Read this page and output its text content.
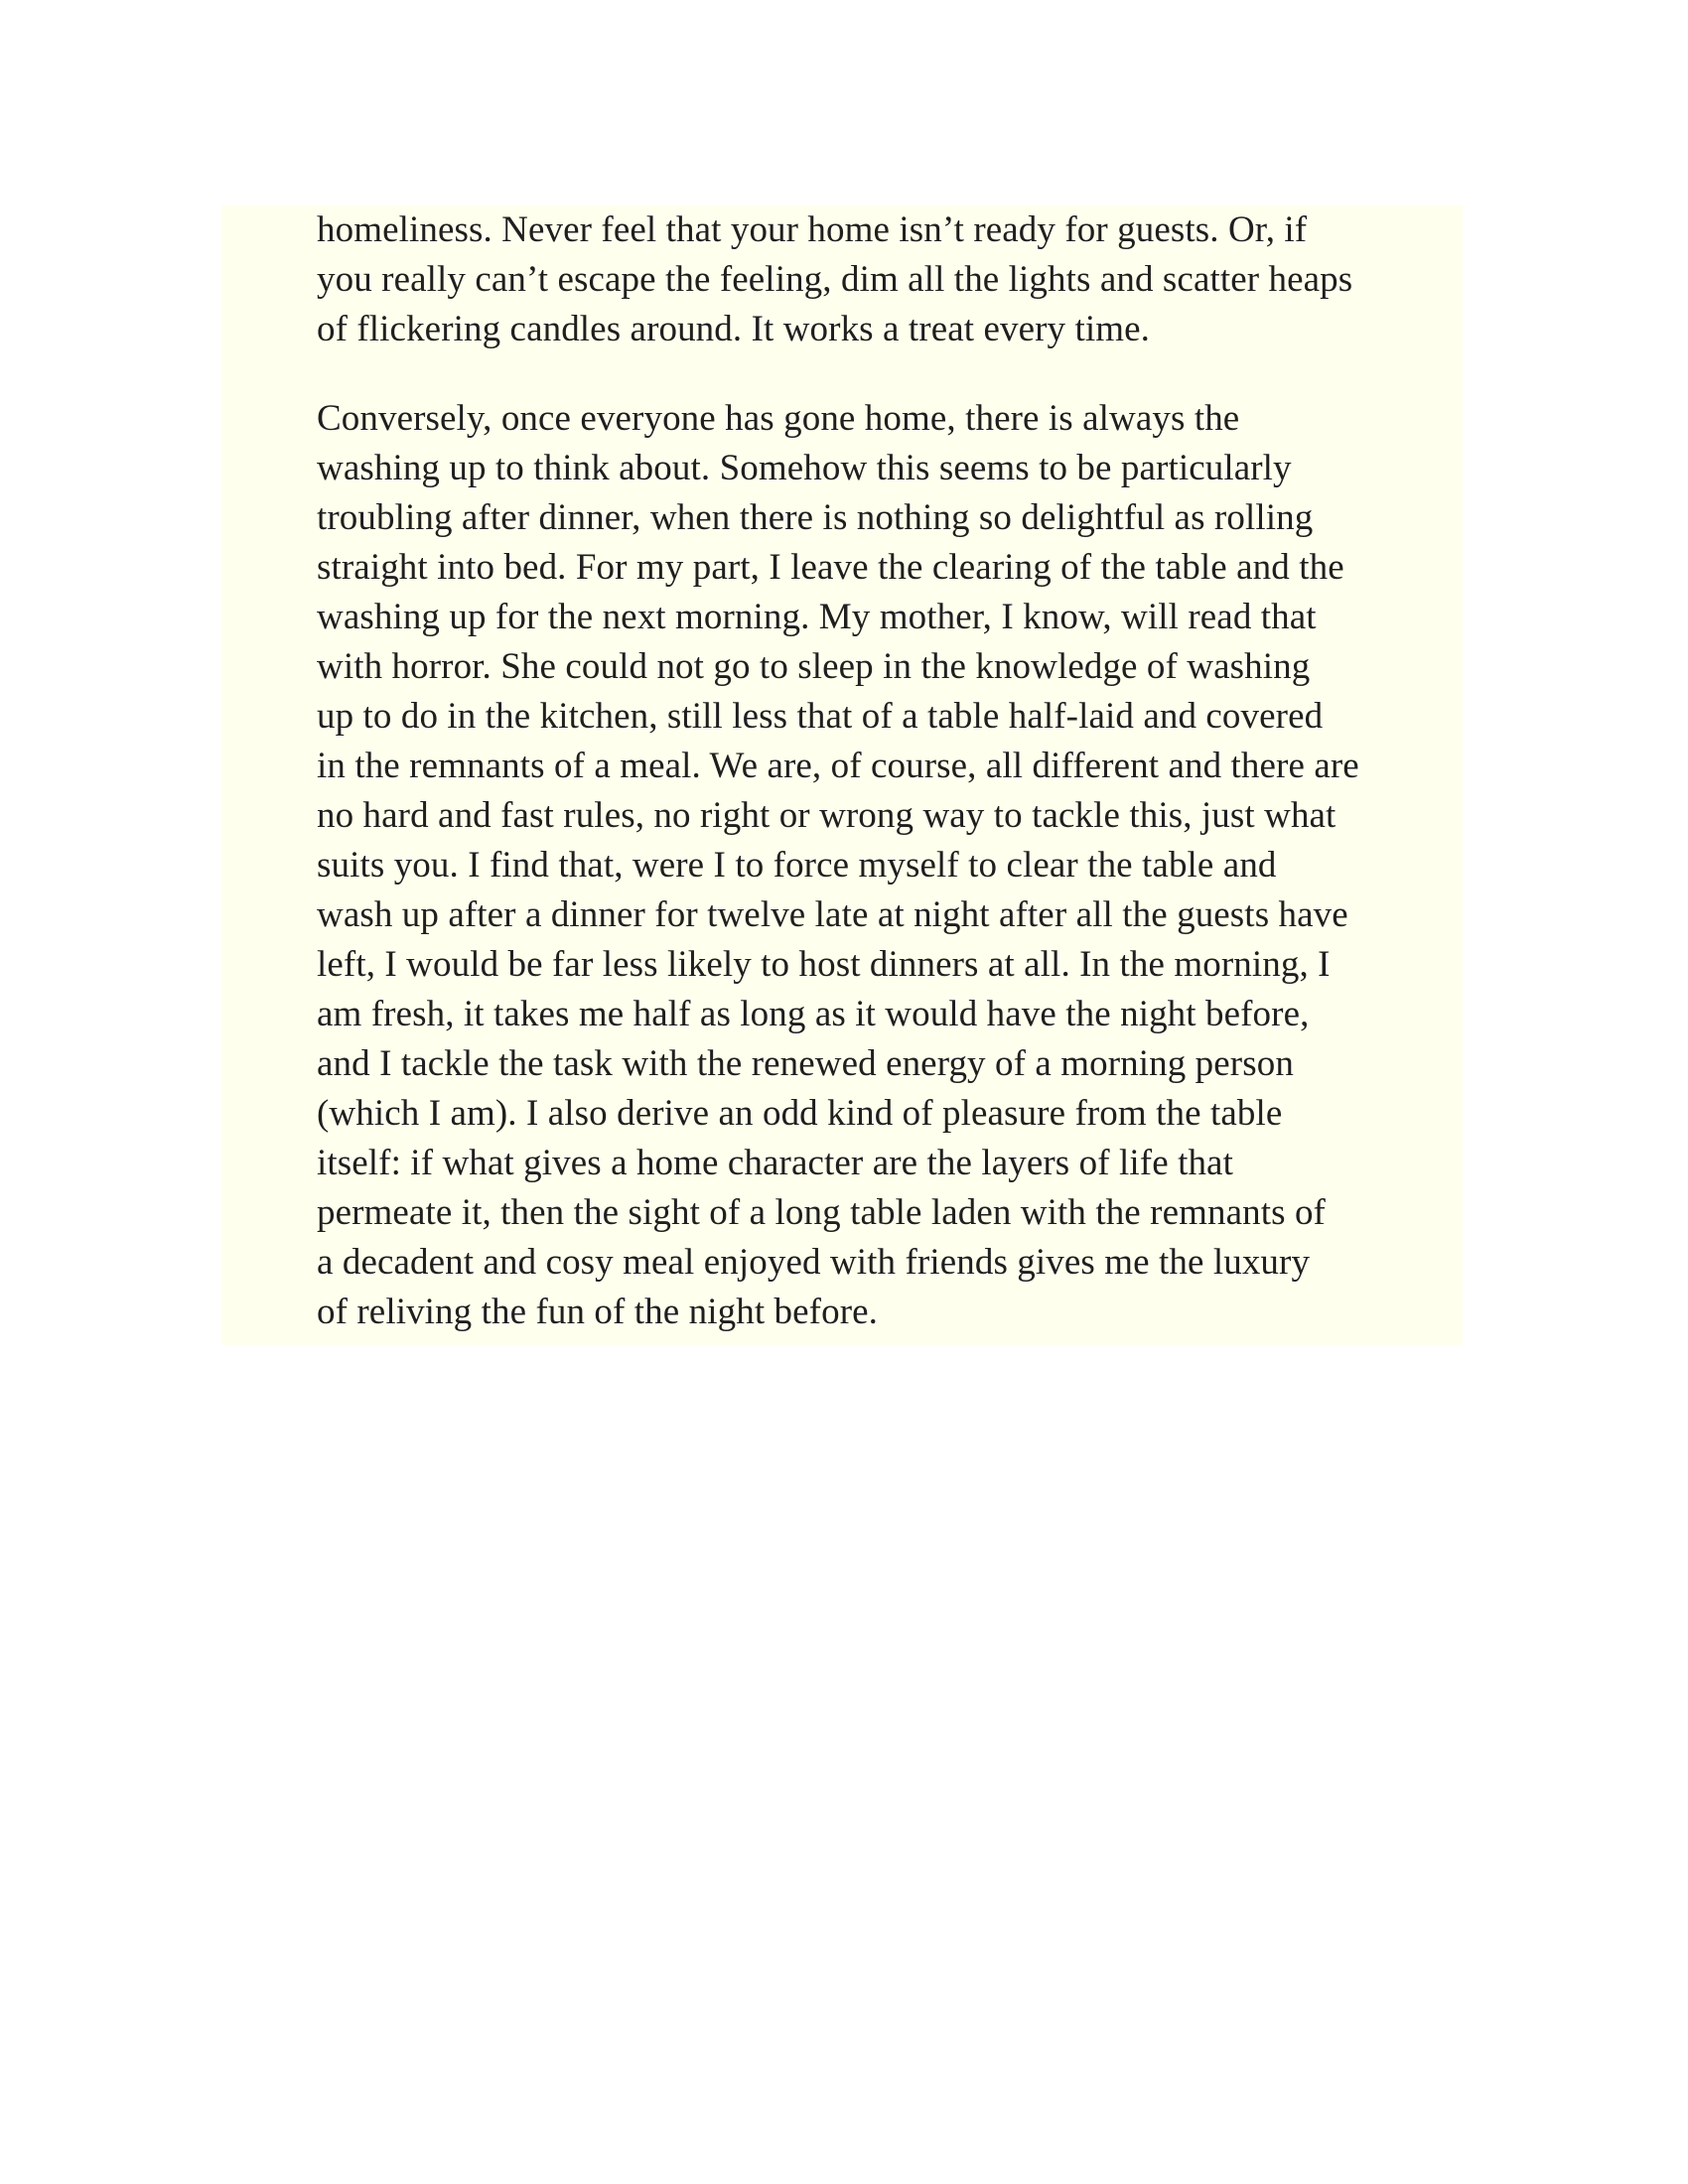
homeliness. Never feel that your home isn’t ready for guests. Or, if
you really can’t escape the feeling, dim all the lights and scatter heaps
of flickering candles around. It works a treat every time.

Conversely, once everyone has gone home, there is always the
washing up to think about. Somehow this seems to be particularly
troubling after dinner, when there is nothing so delightful as rolling
straight into bed. For my part, I leave the clearing of the table and the
washing up for the next morning. My mother, I know, will read that
with horror. She could not go to sleep in the knowledge of washing
up to do in the kitchen, still less that of a table half-laid and covered
in the remnants of a meal. We are, of course, all different and there are
no hard and fast rules, no right or wrong way to tackle this, just what
suits you. I find that, were I to force myself to clear the table and
wash up after a dinner for twelve late at night after all the guests have
left, I would be far less likely to host dinners at all. In the morning, I
am fresh, it takes me half as long as it would have the night before,
and I tackle the task with the renewed energy of a morning person
(which I am). I also derive an odd kind of pleasure from the table
itself: if what gives a home character are the layers of life that
permeate it, then the sight of a long table laden with the remnants of
a decadent and cosy meal enjoyed with friends gives me the luxury
of reliving the fun of the night before.
